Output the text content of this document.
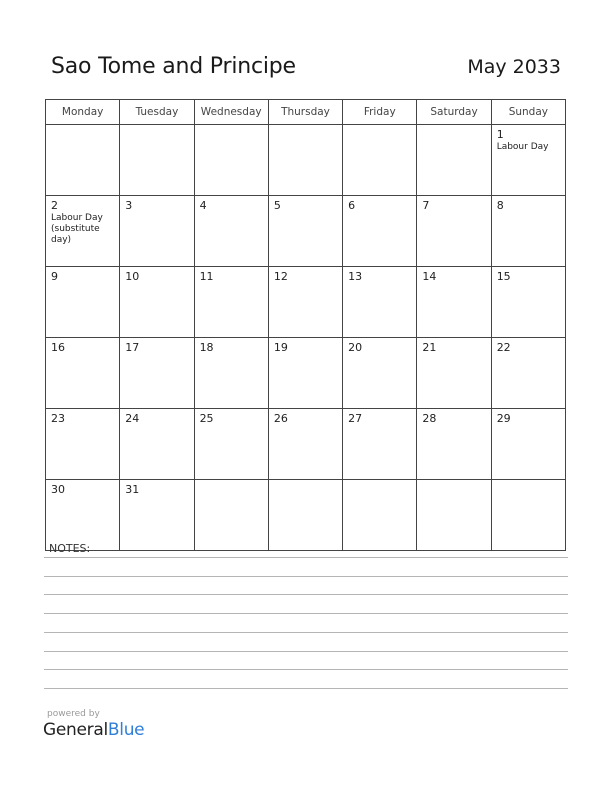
Sao Tome and Principe	May 2033
Monday	Tuesday	Wednesday	Thursday	Friday	Saturday	Sunday

						1
Labour Day

2
Labour Day (substitute day)	3	4	5	6	7	8

9	10	11	12	13	14	15

16	17	18	19	20	21	22

23	24	25	26	27	28	29

30	31					

NOTES:
powered by
GeneralBlue
